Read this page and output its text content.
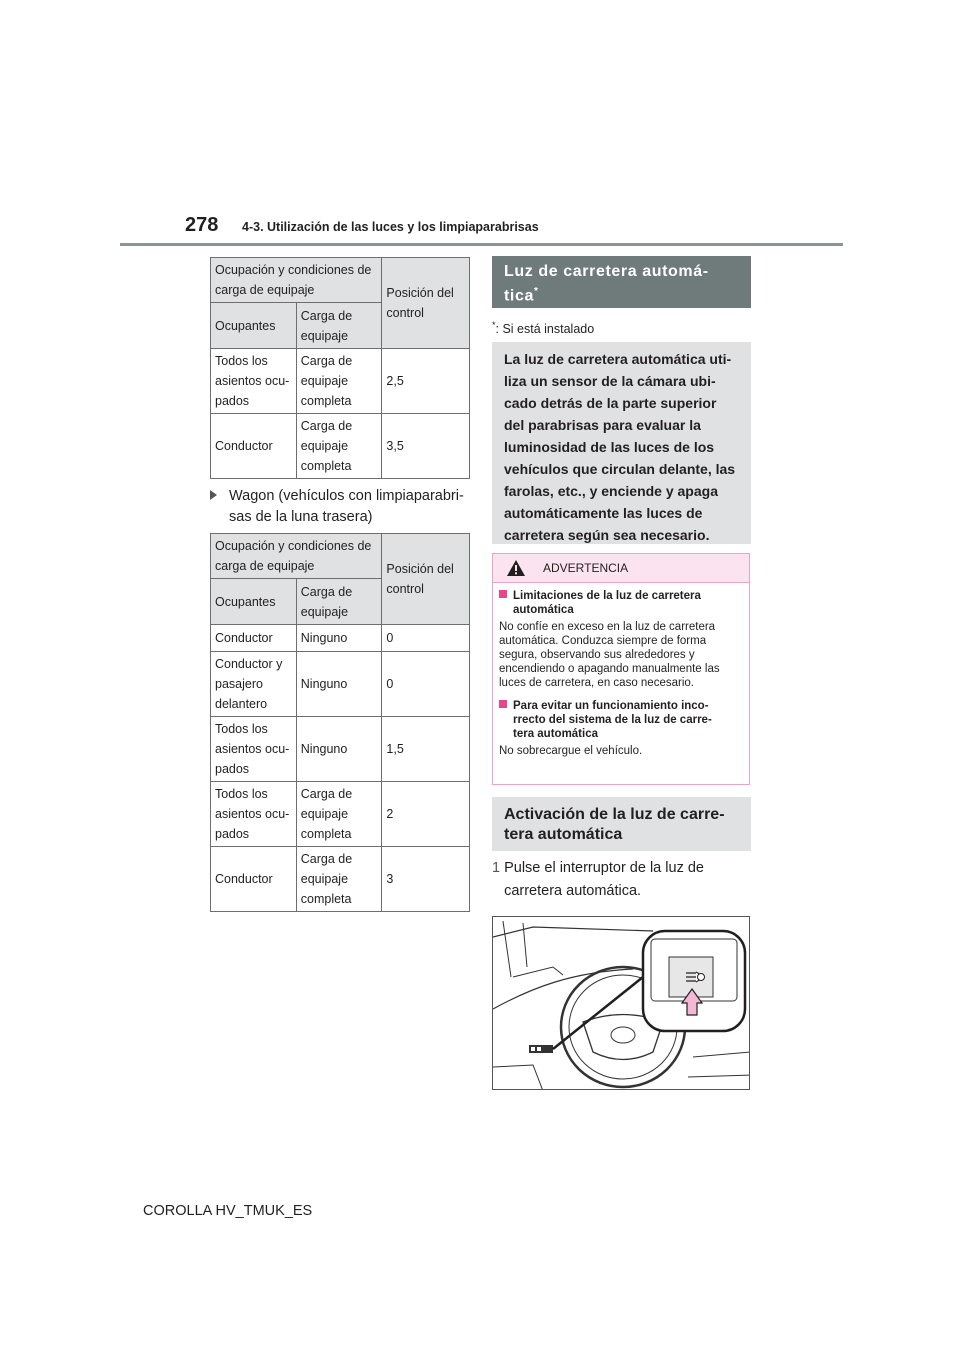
278 4-3. Utilización de las luces y los limpiaparabrisas
Ocupación y condiciones de carga de equipaje		Posición del control
Ocupantes	Carga de equipaje	
Todos los asientos ocu-pados	Carga de equipaje completa	2,5
Conductor	Carga de equipaje completa	3,5
Wagon (vehículos con limpiaparabri-sas de la luna trasera)
Ocupación y condiciones de carga de equipaje		Posición del control
Ocupantes	Carga de equipaje	
Conductor	Ninguno	0
Conductor y pasajero delantero	Ninguno	0
Todos los asientos ocu-pados	Ninguno	1,5
Todos los asientos ocu-pados	Carga de equipaje completa	2
Conductor	Carga de equipaje completa	3
Luz de carretera automá-tica*
*: Si está instalado
La luz de carretera automática uti-liza un sensor de la cámara ubi-cado detrás de la parte superior del parabrisas para evaluar la luminosidad de las luces de los vehículos que circulan delante, las farolas, etc., y enciende y apaga automáticamente las luces de carretera según sea necesario.
ADVERTENCIA
Limitaciones de la luz de carretera automática
No confíe en exceso en la luz de carretera automática. Conduzca siempre de forma segura, observando sus alrededores y encendiendo o apagando manualmente las luces de carretera, en caso necesario.
Para evitar un funcionamiento inco-rrecto del sistema de la luz de carre-tera automática
No sobrecargue el vehículo.
Activación de la luz de carre-tera automática
1 Pulse el interruptor de la luz de carretera automática.
COROLLA HV_TMUK_ES
